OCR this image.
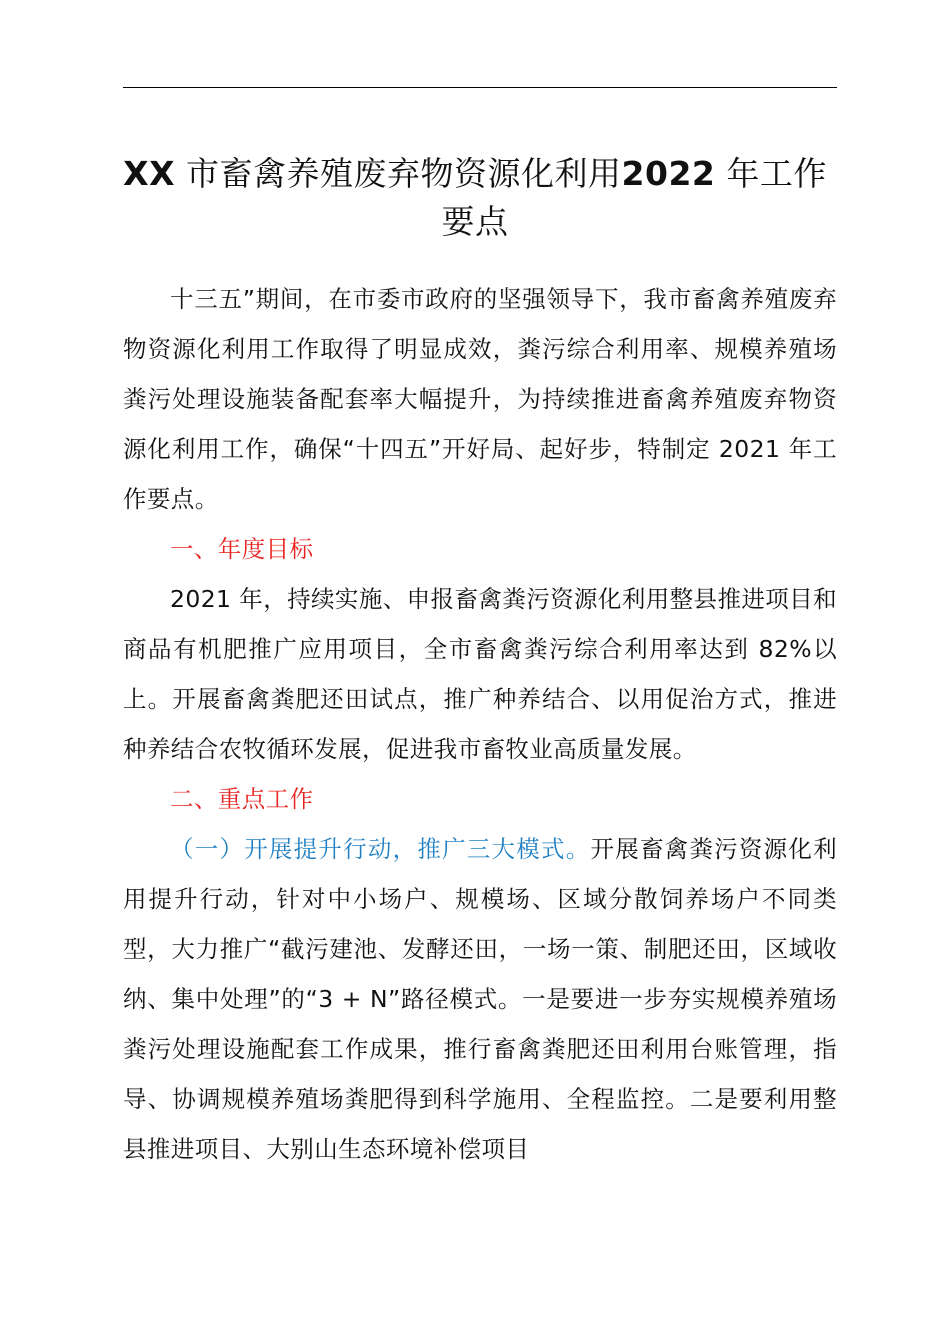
XX 市畜禽养殖废弃物资源化利用2022 年工作要点

十三五”期间，在市委市政府的坚强领导下，我市畜禽养殖废弃物资源化利用工作取得了明显成效，粪污综合利用率、规模养殖场粪污处理设施装备配套率大幅提升，为持续推进畜禽养殖废弃物资源化利用工作，确保“十四五”开好局、起好步，特制定 2021 年工作要点。

一、年度目标

2021 年，持续实施、申报畜禽粪污资源化利用整县推进项目和商品有机肥推广应用项目，全市畜禽粪污综合利用率达到 82%以上。开展畜禽粪肥还田试点，推广种养结合、以用促治方式，推进种养结合农牧循环发展，促进我市畜牧业高质量发展。

二、重点工作

（一）开展提升行动，推广三大模式。开展畜禽粪污资源化利用提升行动，针对中小场户、规模场、区域分散饲养场户不同类型，大力推广“截污建池、发酵还田，一场一策、制肥还田，区域收纳、集中处理”的“3 + N”路径模式。一是要进一步夯实规模养殖场粪污处理设施配套工作成果，推行畜禽粪肥还田利用台账管理，指导、协调规模养殖场粪肥得到科学施用、全程监控。二是要利用整县推进项目、大别山生态环境补偿项目
